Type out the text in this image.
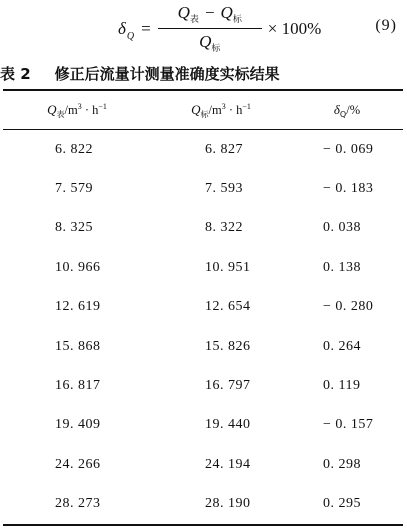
$\delta_Q = \frac{Q_表 - Q_标}{Q_标} \times 100\%$	(9)
表 2 修正后流量计测量准确度实标结果
Q 表 $/m^3 \cdot h^{-1}$	Q 标 $/m^3 \cdot h^{-1}$	δ Q /%
6. 822	6. 827	− 0. 069
7. 579	7. 593	− 0. 183
8. 325	8. 322	0. 038
10. 966	10. 951	0. 138
12. 619	12. 654	− 0. 280
15. 868	15. 826	0. 264
16. 817	16. 797	0. 119
19. 409	19. 440	− 0. 157
24. 266	24. 194	0. 298
28. 273	28. 190	0. 295
